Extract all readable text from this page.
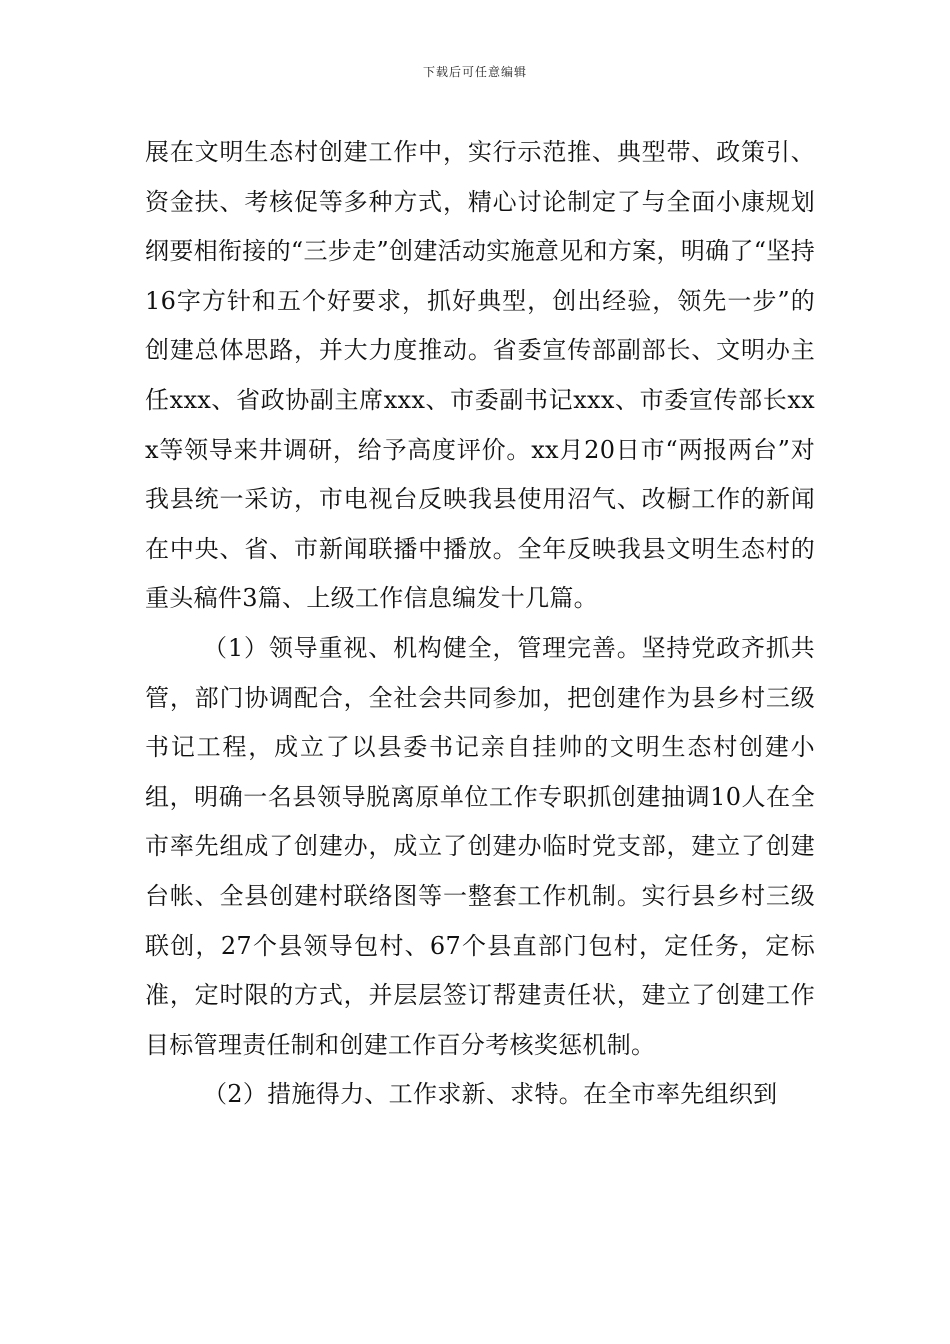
下载后可任意编辑

展在文明生态村创建工作中，实行示范推、典型带、政策引、资金扶、考核促等多种方式，精心讨论制定了与全面小康规划纲要相衔接的“三步走”创建活动实施意见和方案，明确了“坚持16字方针和五个好要求，抓好典型，创出经验，领先一步”的创建总体思路，并大力度推动。省委宣传部副部长、文明办主任xxx、省政协副主席xxx、市委副书记xxx、市委宣传部长xxx等领导来井调研，给予高度评价。xx月20日市“两报两台”对我县统一采访，市电视台反映我县使用沼气、改橱工作的新闻在中央、省、市新闻联播中播放。全年反映我县文明生态村的重头稿件3篇、上级工作信息编发十几篇。

（1）领导重视、机构健全，管理完善。坚持党政齐抓共管，部门协调配合，全社会共同参加，把创建作为县乡村三级书记工程，成立了以县委书记亲自挂帅的文明生态村创建小组，明确一名县领导脱离原单位工作专职抓创建抽调10人在全市率先组成了创建办，成立了创建办临时党支部，建立了创建台帐、全县创建村联络图等一整套工作机制。实行县乡村三级联创，27个县领导包村、67个县直部门包村，定任务，定标准，定时限的方式，并层层签订帮建责任状，建立了创建工作目标管理责任制和创建工作百分考核奖惩机制。

（2）措施得力、工作求新、求特。在全市率先组织到
